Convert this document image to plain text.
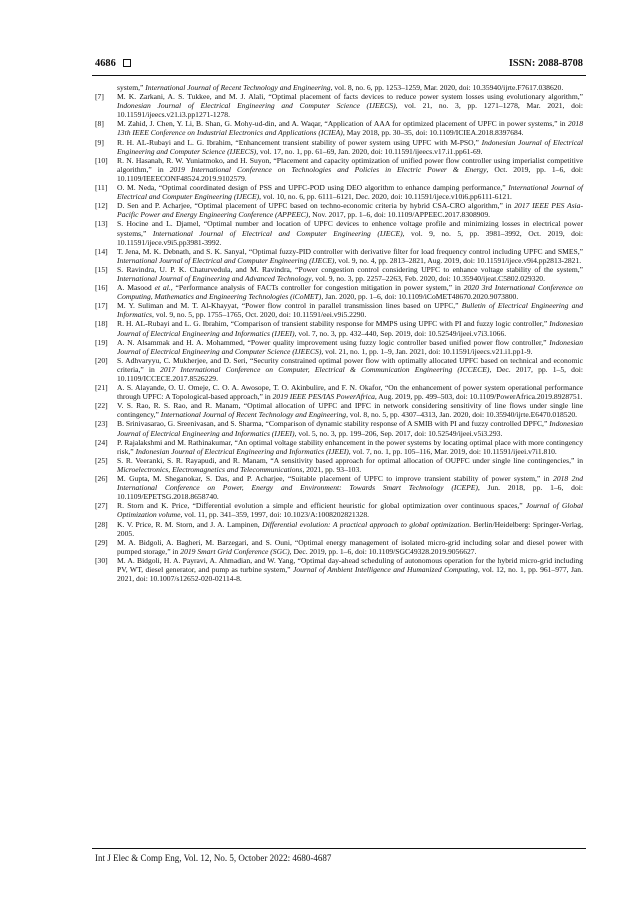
4686	ISSN: 2088-8708

system,” International Journal of Recent Technology and Engineering, vol. 8, no. 6, pp. 1253–1259, Mar. 2020, doi: 10.35940/ijrte.F7617.038620.

[7] M. K. Zarkani, A. S. Tukkee, and M. J. Alali, “Optimal placement of facts devices to reduce power system losses using evolutionary algorithm,” Indonesian Journal of Electrical Engineering and Computer Science (IJEECS), vol. 21, no. 3, pp. 1271–1278, Mar. 2021, doi: 10.11591/ijeecs.v21.i3.pp1271-1278.

[8] M. Zahid, J. Chen, Y. Li, B. Shan, G. Mohy-ud-din, and A. Waqar, “Application of AAA for optimized placement of UPFC in power systems,” in 2018 13th IEEE Conference on Industrial Electronics and Applications (ICIEA), May 2018, pp. 30–35, doi: 10.1109/ICIEA.2018.8397684.

[9] R. H. AL-Rubayi and L. G. Ibrahim, “Enhancement transient stability of power system using UPFC with M-PSO,” Indonesian Journal of Electrical Engineering and Computer Science (IJEECS), vol. 17, no. 1, pp. 61–69, Jan. 2020, doi: 10.11591/ijeecs.v17.i1.pp61-69.

[10] R. N. Hasanah, R. W. Yuniatmoko, and H. Suyon, “Placement and capacity optimization of unified power flow controller using imperialist competitive algorithm,” in 2019 International Conference on Technologies and Policies in Electric Power & Energy, Oct. 2019, pp. 1–6, doi: 10.1109/IEEECONF48524.2019.9102579.

[11] O. M. Neda, “Optimal coordinated design of PSS and UPFC-POD using DEO algorithm to enhance damping performance,” International Journal of Electrical and Computer Engineering (IJECE), vol. 10, no. 6, pp. 6111–6121, Dec. 2020, doi: 10.11591/ijece.v10i6.pp6111-6121.

[12] D. Sen and P. Acharjee, “Optimal placement of UPFC based on techno-economic criteria by hybrid CSA-CRO algorithm,” in 2017 IEEE PES Asia-Pacific Power and Energy Engineering Conference (APPEEC), Nov. 2017, pp. 1–6, doi: 10.1109/APPEEC.2017.8308909.

[13] S. Hocine and L. Djamel, “Optimal number and location of UPFC devices to enhence voltage profile and minimizing losses in electrical power systems,” International Journal of Electrical and Computer Engineering (IJECE), vol. 9, no. 5, pp. 3981–3992, Oct. 2019, doi: 10.11591/ijece.v9i5.pp3981-3992.

[14] T. Jena, M. K. Debnath, and S. K. Sanyal, “Optimal fuzzy-PID controller with derivative filter for load frequency control including UPFC and SMES,” International Journal of Electrical and Computer Engineering (IJECE), vol. 9, no. 4, pp. 2813–2821, Aug. 2019, doi: 10.11591/ijece.v9i4.pp2813-2821.

[15] S. Ravindra, U. P. K. Chaturvedula, and M. Ravindra, “Power congestion control considering UPFC to enhance voltage stability of the system,” International Journal of Engineering and Advanced Technology, vol. 9, no. 3, pp. 2257–2263, Feb. 2020, doi: 10.35940/ijeat.C5802.029320.

[16] A. Masood et al., “Performance analysis of FACTs controller for congestion mitigation in power system,” in 2020 3rd International Conference on Computing, Mathematics and Engineering Technologies (iCoMET), Jan. 2020, pp. 1–6, doi: 10.1109/iCoMET48670.2020.9073800.

[17] M. Y. Suliman and M. T. Al-Khayyat, “Power flow control in parallel transmission lines based on UPFC,” Bulletin of Electrical Engineering and Informatics, vol. 9, no. 5, pp. 1755–1765, Oct. 2020, doi: 10.11591/eei.v9i5.2290.

[18] R. H. AL-Rubayi and L. G. Ibrahim, “Comparison of transient stability response for MMPS using UPFC with PI and fuzzy logic controller,” Indonesian Journal of Electrical Engineering and Informatics (IJEEI), vol. 7, no. 3, pp. 432–440, Sep. 2019, doi: 10.52549/ijeei.v7i3.1066.

[19] A. N. Alsammak and H. A. Mohammed, “Power quality improvement using fuzzy logic controller based unified power flow controller,” Indonesian Journal of Electrical Engineering and Computer Science (IJEECS), vol. 21, no. 1, pp. 1–9, Jan. 2021, doi: 10.11591/ijeecs.v21.i1.pp1-9.

[20] S. Adhvaryyu, C. Mukherjee, and D. Seri, “Security constrained optimal power flow with optimally allocated UPFC based on technical and economic criteria,” in 2017 International Conference on Computer, Electrical & Communication Engineering (ICCECE), Dec. 2017, pp. 1–5, doi: 10.1109/ICCECE.2017.8526229.

[21] A. S. Alayande, O. U. Omeje, C. O. A. Awosope, T. O. Akinbulire, and F. N. Okafor, “On the enhancement of power system operational performance through UPFC: A Topological-based approach,” in 2019 IEEE PES/IAS PowerAfrica, Aug. 2019, pp. 499–503, doi: 10.1109/PowerAfrica.2019.8928751.

[22] V. S. Rao, R. S. Rao, and R. Manam, “Optimal allocation of UPFC and IPFC in network considering sensitivity of line flows under single line contingency,” International Journal of Recent Technology and Engineering, vol. 8, no. 5, pp. 4307–4313, Jan. 2020, doi: 10.35940/ijrte.E6470.018520.

[23] B. Srinivasarao, G. Sreenivasan, and S. Sharma, “Comparison of dynamic stability response of A SMIB with PI and fuzzy controlled DPFC,” Indonesian Journal of Electrical Engineering and Informatics (IJEEI), vol. 5, no. 3, pp. 199–206, Sep. 2017, doi: 10.52549/ijeei.v5i3.293.

[24] P. Rajalakshmi and M. Rathinakumar, “An optimal voltage stability enhancement in the power systems by locating optimal place with more contingency risk,” Indonesian Journal of Electrical Engineering and Informatics (IJEEI), vol. 7, no. 1, pp. 105–116, Mar. 2019, doi: 10.11591/ijeei.v7i1.810.

[25] S. R. Veeranki, S. R. Rayapudi, and R. Manam, “A sensitivity based approach for optimal allocation of OUPFC under single line contingencies,” in Microelectronics, Electromagnetics and Telecommunications, 2021, pp. 93–103.

[26] M. Gupta, M. Sheganokar, S. Das, and P. Acharjee, “Suitable placement of UPFC to improve transient stability of power system,” in 2018 2nd International Conference on Power, Energy and Environment: Towards Smart Technology (ICEPE), Jun. 2018, pp. 1–6, doi: 10.1109/EPETSG.2018.8658740.

[27] R. Storn and K. Price, “Differential evolution a simple and efficient heuristic for global optimization over continuous spaces,” Journal of Global Optimization volume, vol. 11, pp. 341–359, 1997, doi: 10.1023/A:1008202821328.

[28] K. V. Price, R. M. Storn, and J. A. Lampinen, Differential evolution: A practical approach to global optimization. Berlin/Heidelberg: Springer-Verlag, 2005.

[29] M. A. Bidgoli, A. Bagheri, M. Barzegari, and S. Ouni, “Optimal energy management of isolated micro-grid including solar and diesel power with pumped storage,” in 2019 Smart Grid Conference (SGC), Dec. 2019, pp. 1–6, doi: 10.1109/SGC49328.2019.9056627.

[30] M. A. Bidgoli, H. A. Payravi, A. Ahmadian, and W. Yang, “Optimal day-ahead scheduling of autonomous operation for the hybrid micro-grid including PV, WT, diesel generator, and pump as turbine system,” Journal of Ambient Intelligence and Humanized Computing, vol. 12, no. 1, pp. 961–977, Jan. 2021, doi: 10.1007/s12652-020-02114-8.

Int J Elec & Comp Eng, Vol. 12, No. 5, October 2022: 4680-4687
